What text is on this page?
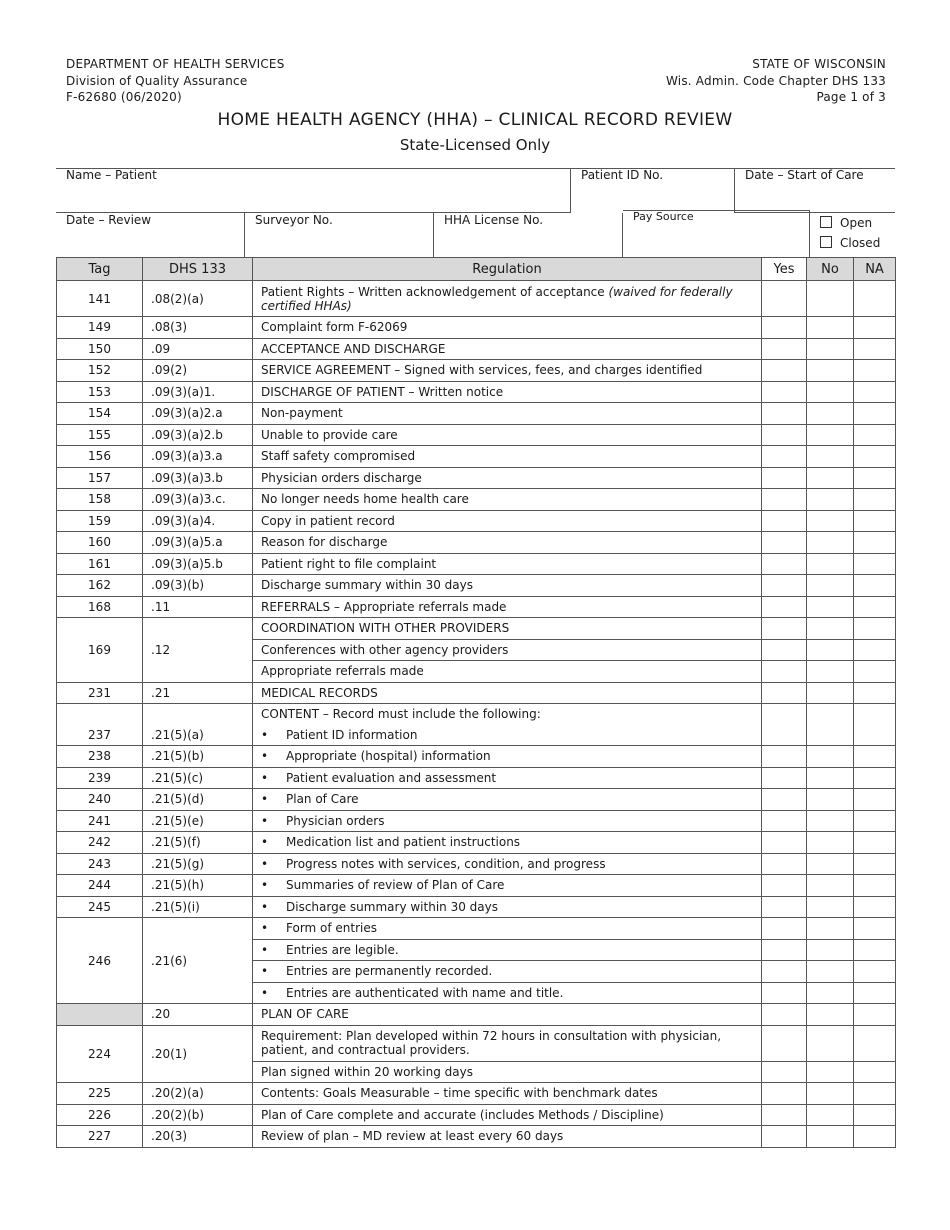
DEPARTMENT OF HEALTH SERVICES
Division of Quality Assurance
F-62680 (06/2020)
STATE OF WISCONSIN
Wis. Admin. Code Chapter DHS 133
Page 1 of 3
HOME HEALTH AGENCY (HHA) – CLINICAL RECORD REVIEW
State-Licensed Only
Name – Patient	Patient ID No.	Date – Start of Care
Date – Review	Surveyor No.	HHA License No.	Pay Source	Open
Closed
Tag	DHS 133	Regulation	Yes	No	NA
141	.08(2)(a)	Patient Rights – Written acknowledgement of acceptance (waived for federally certified HHAs)			
149	.08(3)	Complaint form F-62069			
150	.09	ACCEPTANCE AND DISCHARGE			
152	.09(2)	SERVICE AGREEMENT – Signed with services, fees, and charges identified			
153	.09(3)(a)1.	DISCHARGE OF PATIENT – Written notice			
154	.09(3)(a)2.a	Non-payment			
155	.09(3)(a)2.b	Unable to provide care			
156	.09(3)(a)3.a	Staff safety compromised			
157	.09(3)(a)3.b	Physician orders discharge			
158	.09(3)(a)3.c.	No longer needs home health care			
159	.09(3)(a)4.	Copy in patient record			
160	.09(3)(a)5.a	Reason for discharge			
161	.09(3)(a)5.b	Patient right to file complaint			
162	.09(3)(b)	Discharge summary within 30 days			
168	.11	REFERRALS – Appropriate referrals made			
169	.12	COORDINATION WITH OTHER PROVIDERS			
		Conferences with other agency providers			
		Appropriate referrals made			
231	.21	MEDICAL RECORDS			
		CONTENT – Record must include the following:			
237	.21(5)(a)	• Patient ID information
238	.21(5)(b)	• Appropriate (hospital) information			
239	.21(5)(c)	• Patient evaluation and assessment			
240	.21(5)(d)	• Plan of Care			
241	.21(5)(e)	• Physician orders			
242	.21(5)(f)	• Medication list and patient instructions			
243	.21(5)(g)	• Progress notes with services, condition, and progress			
244	.21(5)(h)	• Summaries of review of Plan of Care			
245	.21(5)(i)	• Discharge summary within 30 days			
246	.21(6)	• Form of entries			
		• Entries are legible.			
		• Entries are permanently recorded.			
		• Entries are authenticated with name and title.			
	.20	PLAN OF CARE			
224	.20(1)	Requirement: Plan developed within 72 hours in consultation with physician, patient, and contractual providers.			
		Plan signed within 20 working days			
225	.20(2)(a)	Contents: Goals Measurable – time specific with benchmark dates			
226	.20(2)(b)	Plan of Care complete and accurate (includes Methods / Discipline)			
227	.20(3)	Review of plan – MD review at least every 60 days			
